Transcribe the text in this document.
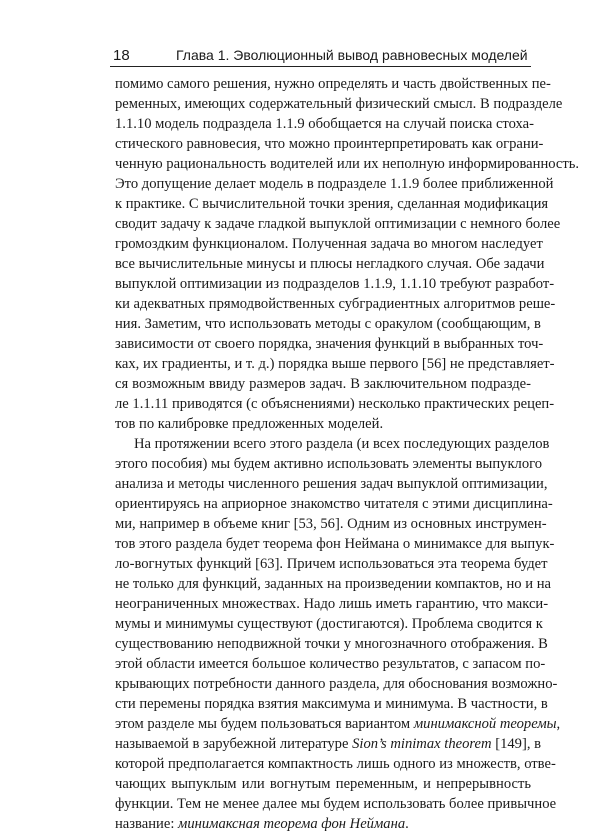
18	Глава 1. Эволюционный вывод равновесных моделей
помимо самого решения, нужно определять и часть двойственных пе-
ременных, имеющих содержательный физический смысл. В подразделе
1.1.10 модель подраздела 1.1.9 обобщается на случай поиска стоха-
стического равновесия, что можно проинтерпретировать как ограни-
ченную рациональность водителей или их неполную информированность.
Это допущение делает модель в подразделе 1.1.9 более приближенной
к практике. С вычислительной точки зрения, сделанная модификация
сводит задачу к задаче гладкой выпуклой оптимизации с немного более
громоздким функционалом. Полученная задача во многом наследует
все вычислительные минусы и плюсы негладкого случая. Обе задачи
выпуклой оптимизации из подразделов 1.1.9, 1.1.10 требуют разработ-
ки адекватных прямодвойственных субградиентных алгоритмов реше-
ния. Заметим, что использовать методы с оракулом (сообщающим, в
зависимости от своего порядка, значения функций в выбранных точ-
ках, их градиенты, и т. д.) порядка выше первого [56] не представляет-
ся возможным ввиду размеров задач. В заключительном подразде-
ле 1.1.11 приводятся (с объяснениями) несколько практических рецеп-
тов по калибровке предложенных моделей.
На протяжении всего этого раздела (и всех последующих разделов
этого пособия) мы будем активно использовать элементы выпуклого
анализа и методы численного решения задач выпуклой оптимизации,
ориентируясь на априорное знакомство читателя с этими дисциплина-
ми, например в объеме книг [53, 56]. Одним из основных инструмен-
тов этого раздела будет теорема фон Неймана о минимаксе для выпук-
ло-вогнутых функций [63]. Причем использоваться эта теорема будет
не только для функций, заданных на произведении компактов, но и на
неограниченных множествах. Надо лишь иметь гарантию, что макси-
мумы и минимумы существуют (достигаются). Проблема сводится к
существованию неподвижной точки у многозначного отображения. В
этой области имеется большое количество результатов, с запасом по-
крывающих потребности данного раздела, для обоснования возможно-
сти перемены порядка взятия максимума и минимума. В частности, в
этом разделе мы будем пользоваться вариантом минимаксной теоремы,
называемой в зарубежной литературе Sion’s minimax theorem [149], в
которой предполагается компактность лишь одного из множеств, отве-
чающих выпуклым или вогнутым переменным, и непрерывность
функции. Тем не менее далее мы будем использовать более привычное
название: минимаксная теорема фон Неймана.
